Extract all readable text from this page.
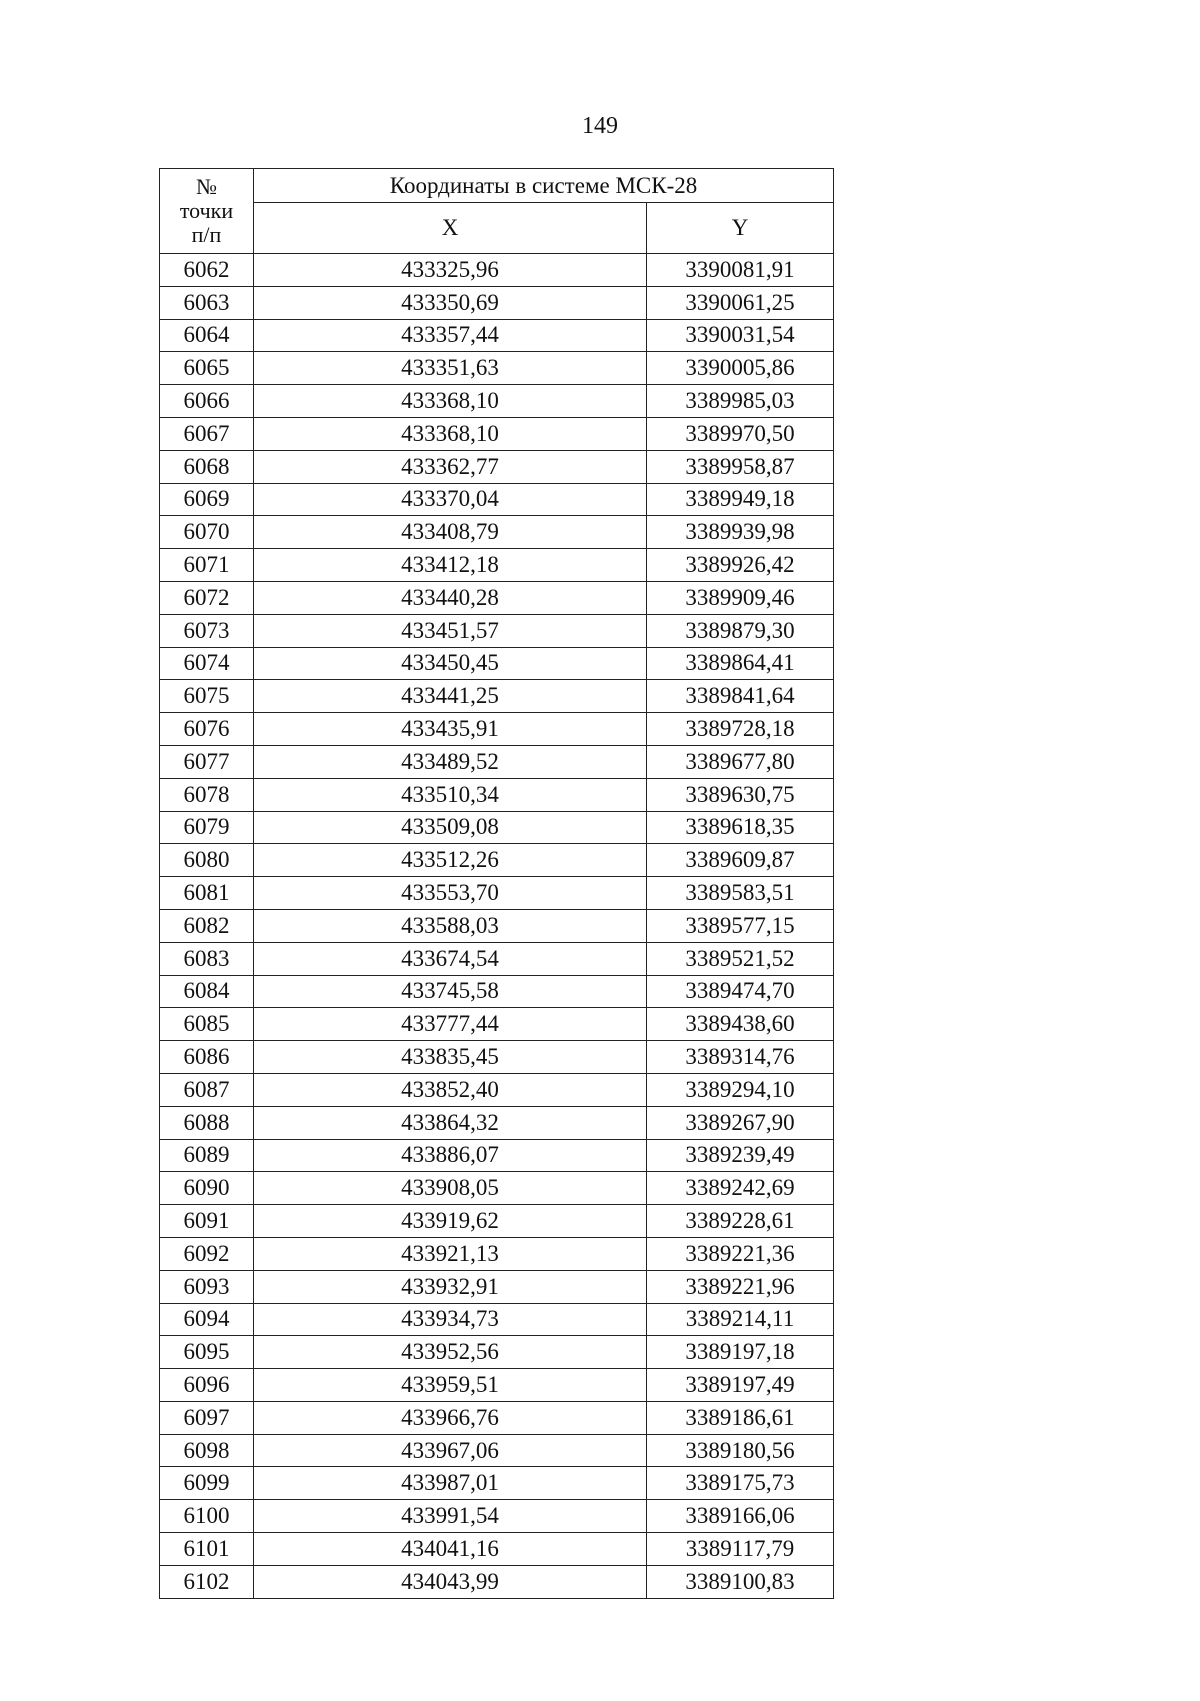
149
№
точки
п/п	Координаты в системе МСК-28	
	X	Y
6062	433325,96	3390081,91
6063	433350,69	3390061,25
6064	433357,44	3390031,54
6065	433351,63	3390005,86
6066	433368,10	3389985,03
6067	433368,10	3389970,50
6068	433362,77	3389958,87
6069	433370,04	3389949,18
6070	433408,79	3389939,98
6071	433412,18	3389926,42
6072	433440,28	3389909,46
6073	433451,57	3389879,30
6074	433450,45	3389864,41
6075	433441,25	3389841,64
6076	433435,91	3389728,18
6077	433489,52	3389677,80
6078	433510,34	3389630,75
6079	433509,08	3389618,35
6080	433512,26	3389609,87
6081	433553,70	3389583,51
6082	433588,03	3389577,15
6083	433674,54	3389521,52
6084	433745,58	3389474,70
6085	433777,44	3389438,60
6086	433835,45	3389314,76
6087	433852,40	3389294,10
6088	433864,32	3389267,90
6089	433886,07	3389239,49
6090	433908,05	3389242,69
6091	433919,62	3389228,61
6092	433921,13	3389221,36
6093	433932,91	3389221,96
6094	433934,73	3389214,11
6095	433952,56	3389197,18
6096	433959,51	3389197,49
6097	433966,76	3389186,61
6098	433967,06	3389180,56
6099	433987,01	3389175,73
6100	433991,54	3389166,06
6101	434041,16	3389117,79
6102	434043,99	3389100,83
